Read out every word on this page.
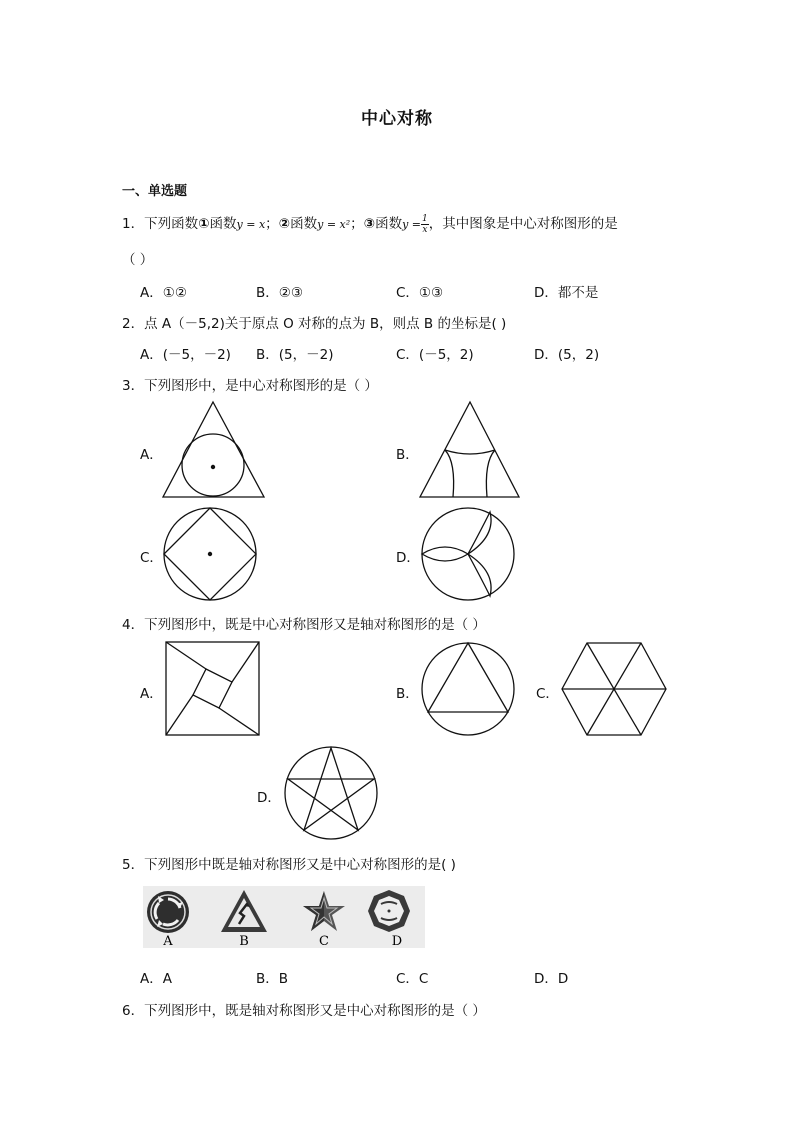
中心对称
一、单选题
1．下列函数①函数y = x；②函数y = x²；③函数$y = \frac{1}{x}$ ，其中图象是中心对称图形的是
（ ）
A．①②	B．②③	C．①③	D．都不是
2．点 A（－5,2)关于原点 O 对称的点为 B，则点 B 的坐标是( )
A．(－5，－2) B．(5，－2)	C．(－5，2)	D．(5，2)
3．下列图形中，是中心对称图形的是（ ）
A．	B．
C．	D．
4．下列图形中，既是中心对称图形又是轴对称图形的是（ ）
A．	B．	C．
D．
5．下列图形中既是轴对称图形又是中心对称图形的是( )
A	B	C	D
A．A	B．B	C．C	D．D
6．下列图形中，既是轴对称图形又是中心对称图形的是（ ）
